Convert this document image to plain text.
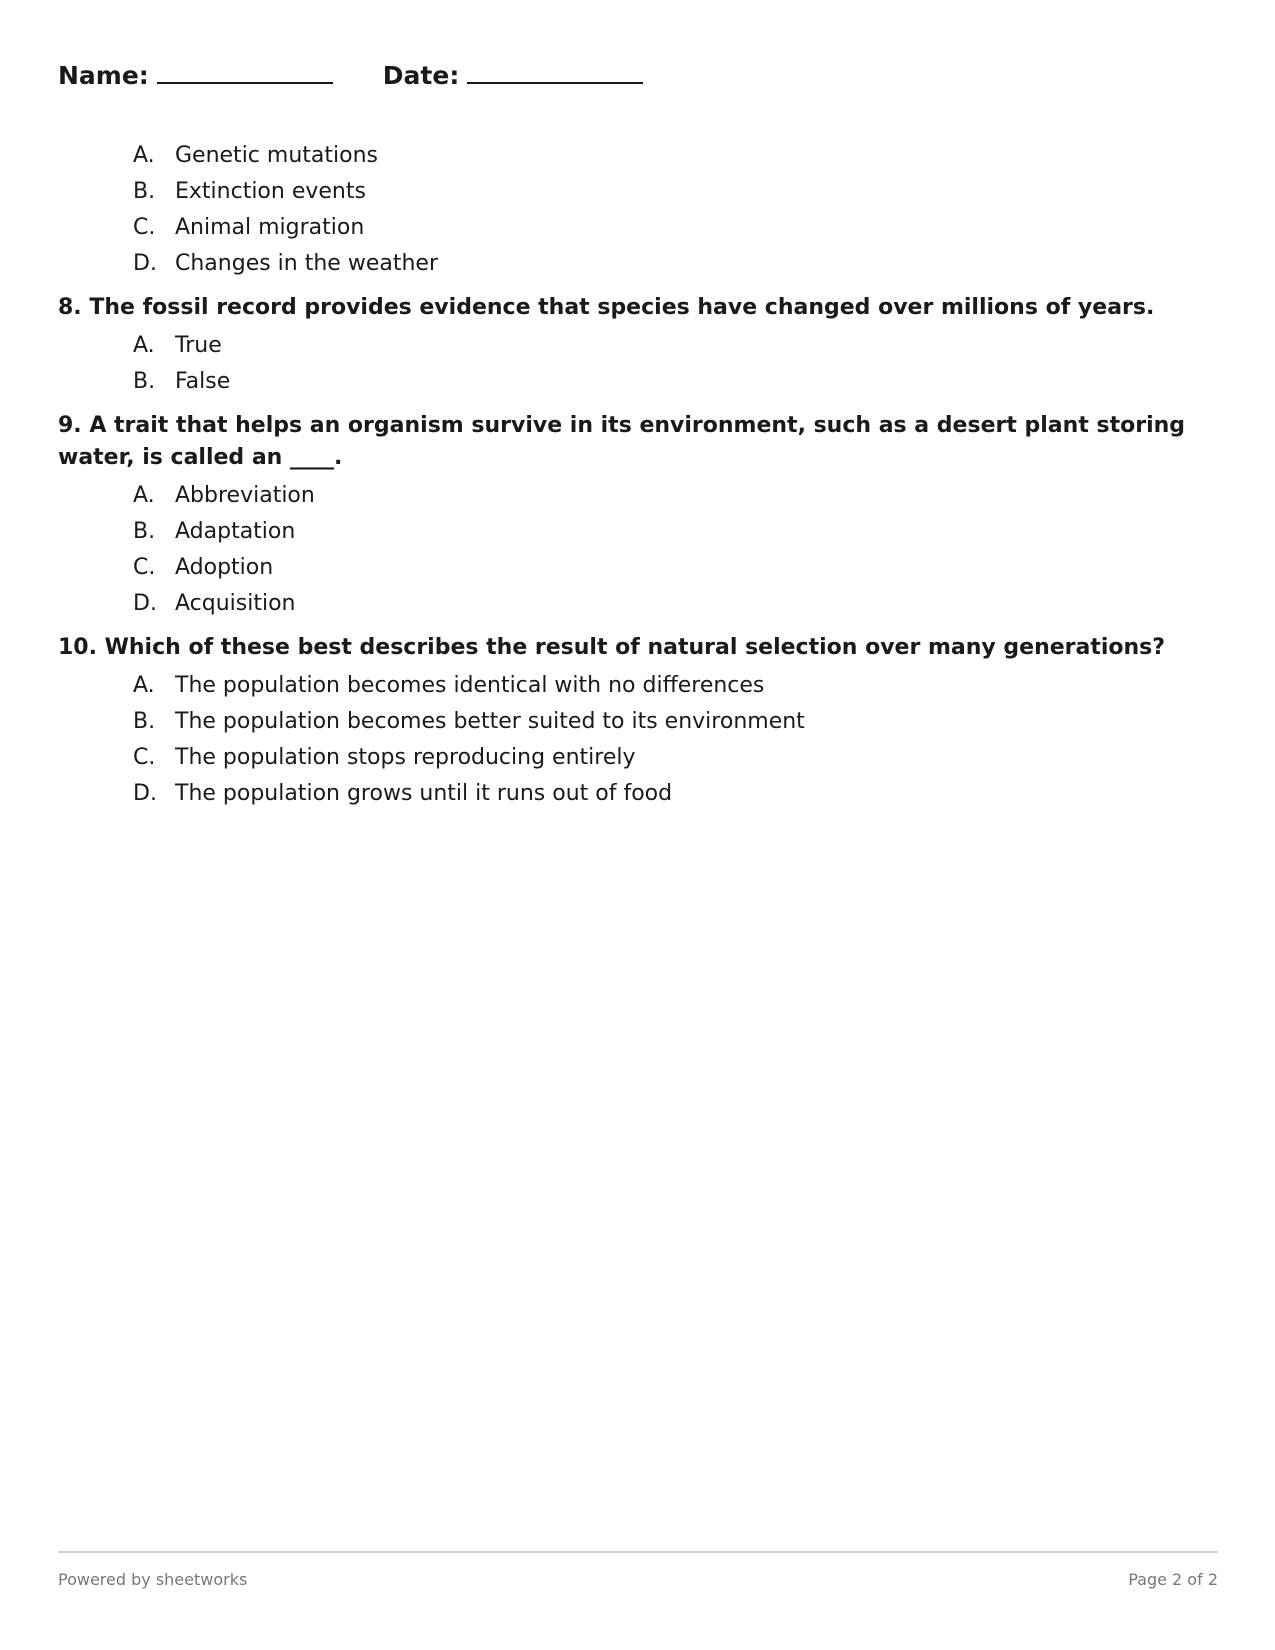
Name:	Date:
A. Genetic mutations
B. Extinction events
C. Animal migration
D. Changes in the weather

8. The fossil record provides evidence that species have changed over millions of years.

A. True
B. False

9. A trait that helps an organism survive in its environment, such as a desert plant storing water, is called an ____.

A. Abbreviation
B. Adaptation
C. Adoption
D. Acquisition

10. Which of these best describes the result of natural selection over many generations?

A. The population becomes identical with no differences
B. The population becomes better suited to its environment
C. The population stops reproducing entirely
D. The population grows until it runs out of food
Powered by sheetworks	Page 2 of 2
